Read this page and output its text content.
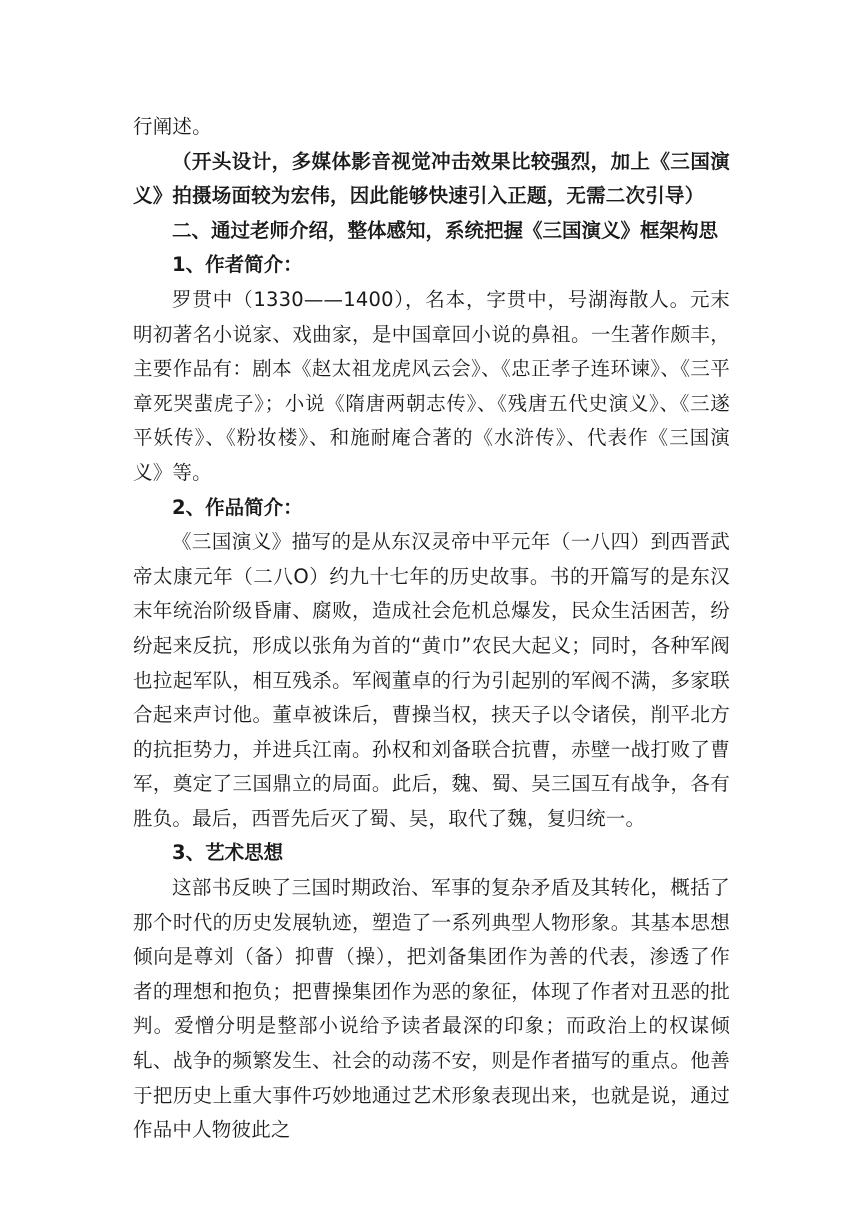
行阐述。

（开头设计，多媒体影音视觉冲击效果比较强烈，加上《三国演义》拍摄场面较为宏伟，因此能够快速引入正题，无需二次引导）

二、通过老师介绍，整体感知，系统把握《三国演义》框架构思

1、作者简介：

罗贯中（1330——1400），名本，字贯中，号湖海散人。元末明初著名小说家、戏曲家，是中国章回小说的鼻祖。一生著作颇丰，主要作品有：剧本《赵太祖龙虎风云会》、《忠正孝子连环谏》、《三平章死哭蜚虎子》；小说《隋唐两朝志传》、《残唐五代史演义》、《三遂平妖传》、《粉妆楼》、和施耐庵合著的《水浒传》、代表作《三国演义》等。

2、作品简介：

《三国演义》描写的是从东汉灵帝中平元年（一八四）到西晋武帝太康元年（二八O）约九十七年的历史故事。书的开篇写的是东汉末年统治阶级昏庸、腐败，造成社会危机总爆发，民众生活困苦，纷纷起来反抗，形成以张角为首的“黄巾”农民大起义；同时，各种军阀也拉起军队，相互残杀。军阀董卓的行为引起别的军阀不满，多家联合起来声讨他。董卓被诛后，曹操当权，挟天子以令诸侯，削平北方的抗拒势力，并进兵江南。孙权和刘备联合抗曹，赤壁一战打败了曹军，奠定了三国鼎立的局面。此后，魏、蜀、吴三国互有战争，各有胜负。最后，西晋先后灭了蜀、吴，取代了魏，复归统一。

3、艺术思想

这部书反映了三国时期政治、军事的复杂矛盾及其转化，概括了那个时代的历史发展轨迹，塑造了一系列典型人物形象。其基本思想倾向是尊刘（备）抑曹（操），把刘备集团作为善的代表，渗透了作者的理想和抱负；把曹操集团作为恶的象征，体现了作者对丑恶的批判。爱憎分明是整部小说给予读者最深的印象；而政治上的权谋倾轧、战争的频繁发生、社会的动荡不安，则是作者描写的重点。他善于把历史上重大事件巧妙地通过艺术形象表现出来，也就是说，通过作品中人物彼此之
